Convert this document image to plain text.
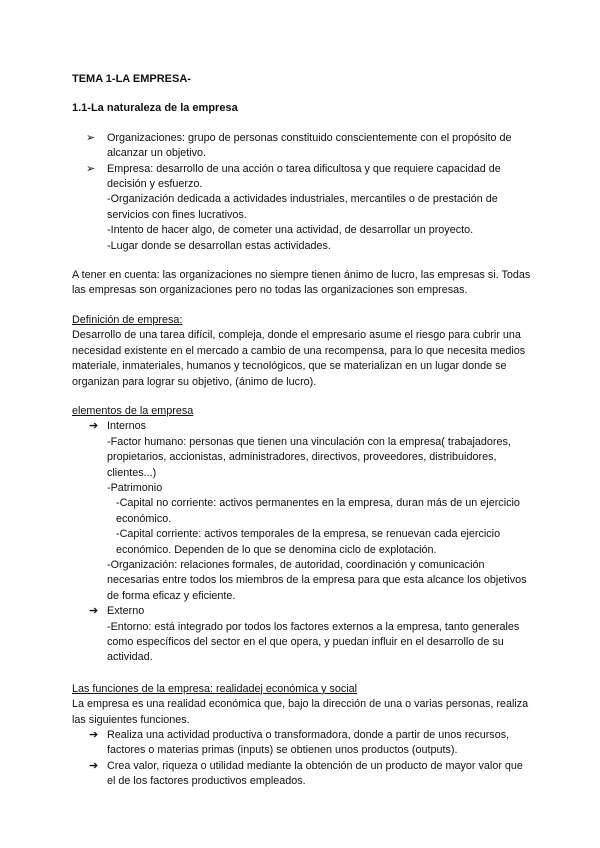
TEMA 1-LA EMPRESA-

1.1-La naturaleza de la empresa

➢ Organizaciones: grupo de personas constituido conscientemente con el propósito de alcanzar un objetivo.
➢ Empresa: desarrollo de una acción o tarea dificultosa y que requiere capacidad de decisión y esfuerzo.
-Organización dedicada a actividades industriales, mercantiles o de prestación de servicios con fines lucrativos.
-Intento de hacer algo, de cometer una actividad, de desarrollar un proyecto.
-Lugar donde se desarrollan estas actividades.

A tener en cuenta: las organizaciones no siempre tienen ánimo de lucro, las empresas si. Todas las empresas son organizaciones pero no todas las organizaciones son empresas.

Definición de empresa:

Desarrollo de una tarea difícil, compleja, donde el empresario asume el riesgo para cubrir una necesidad existente en el mercado a cambio de una recompensa, para lo que necesita medios materiale, inmateriales, humanos y tecnológicos, que se materializan en un lugar donde se organizan para lograr su objetivo, (ánimo de lucro).

elementos de la empresa

➔ Internos
-Factor humano: personas que tienen una vinculación con la empresa( trabajadores, propietarios, accionistas, administradores, directivos, proveedores, distribuidores, clientes...)
-Patrimonio
-Capital no corriente: activos permanentes en la empresa, duran más de un ejercicio económico.
-Capital corriente: activos temporales de la empresa, se renuevan cada ejercicio económico. Dependen de lo que se denomina ciclo de explotación.
-Organización: relaciones formales, de autoridad, coordinación y comunicación necesarias entre todos los miembros de la empresa para que esta alcance los objetivos de forma eficaz y eficiente.
➔ Externo
-Entorno: está integrado por todos los factores externos a la empresa, tanto generales como específicos del sector en el que opera, y puedan influir en el desarrollo de su actividad.

Las funciones de la empresa: realidadej económica y social

La empresa es una realidad económica que, bajo la dirección de una o varias personas, realiza las siguientes funciones.

➔ Realiza una actividad productiva o transformadora, donde a partir de unos recursos, factores o materias primas (inputs) se obtienen unos productos (outputs).
➔ Crea valor, riqueza o utilidad mediante la obtención de un producto de mayor valor que el de los factores productivos empleados.
